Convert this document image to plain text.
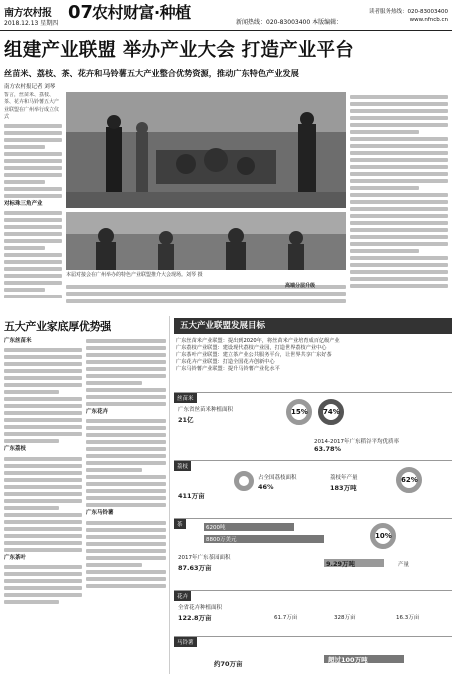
南方农村报
2018.12.13 星期四
07
农村财富·种植
新闻热线：020-83003400 本版编辑：
读者服务热线：020-83003400
www.nfncb.cn
组建产业联盟 举办产业大会 打造产业平台
丝苗米、荔枝、茶、花卉和马铃薯五大产业整合优势资源，推动广东特色产业发展
南方农村报记者 刘琴
誓言，丝苗米、荔枝、茶、花卉和马铃薯五大产业联盟在广州举行成立仪式
对标珠三角产业
本届对接会在广州举办的特色产业联盟推介大会现场。刘琴 摄
高端分层升级
五大产业家底厚优势强
广东丝苗米
广东荔枝
广东茶叶
广东花卉
广东马铃薯
五大产业联盟发展目标
广东丝苗米产业联盟：提出到2020年，将丝苗米产业培育成百亿级产业
广东荔枝产业联盟：建设现代荔枝产业园，打造世界荔枝产业中心
广东茶叶产业联盟：建立茶产业公共服务平台，让世界共享广东好茶
广东花卉产业联盟：打造全国花卉创新中心
广东马铃薯产业联盟：提升马铃薯产业化水平
丝苗米
广东省丝苗米种植面积
21亿
15%	74%
2014-2017年广东稻谷平均优质率
63.78%
荔枝
411万亩
占全国荔枝面积
46%
荔枝年产量
183万吨
62%
茶	6200吨
8800万美元	10%
2017年广东茶园面积
87.63万亩	9.29万吨	产量
花卉
全省花卉种植面积
122.8万亩	61.7万亩	328万亩	16.3万亩
马铃薯
约70万亩	超过100万吨
